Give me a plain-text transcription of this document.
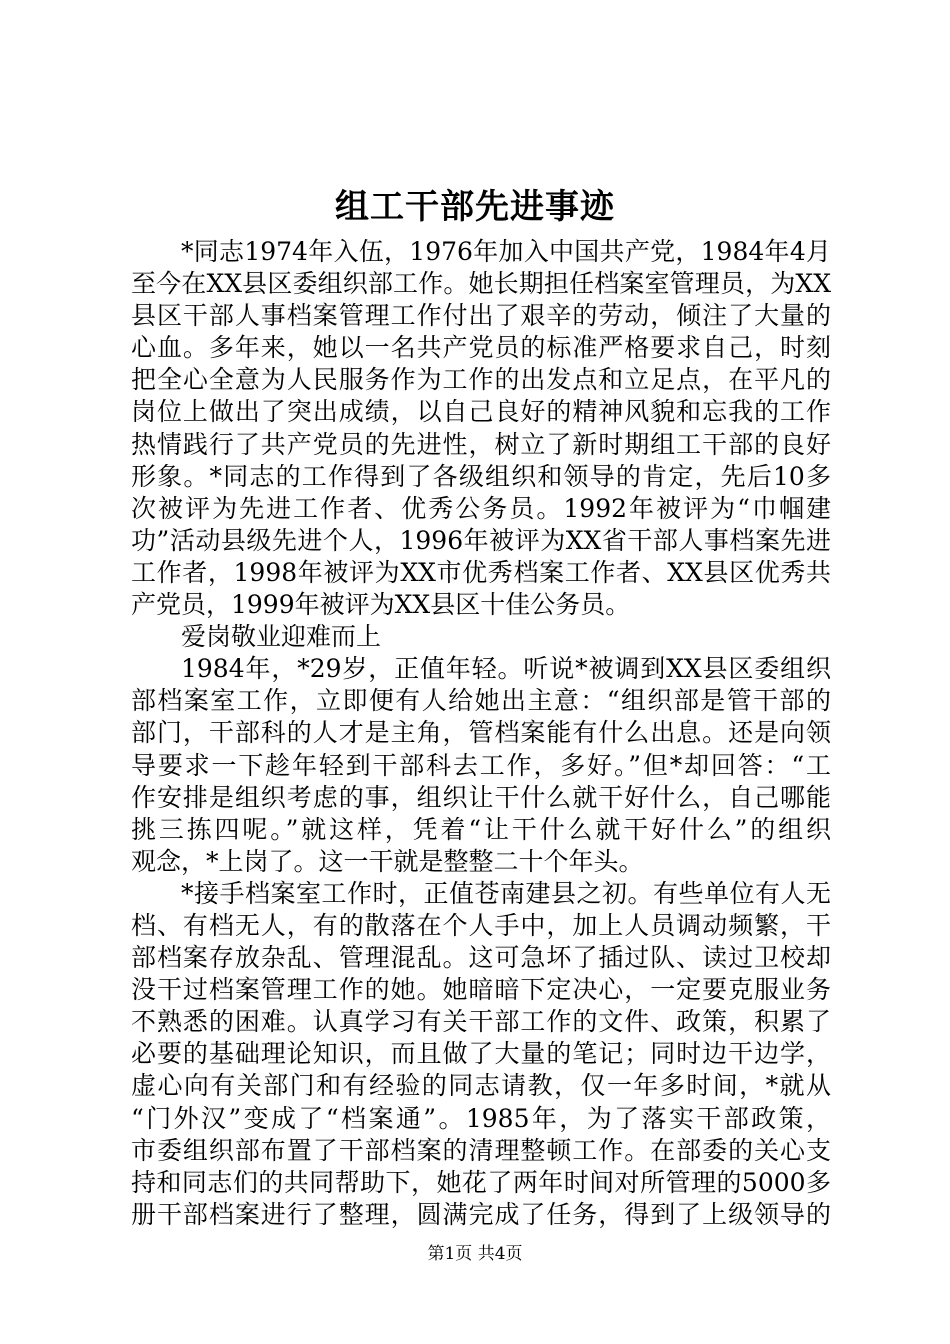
组工干部先进事迹
*同志1974年入伍，1976年加入中国共产党，1984年4月
至今在XX县区委组织部工作。她长期担任档案室管理员，为XX
县区干部人事档案管理工作付出了艰辛的劳动，倾注了大量的
心血。多年来，她以一名共产党员的标准严格要求自己，时刻
把全心全意为人民服务作为工作的出发点和立足点，在平凡的
岗位上做出了突出成绩，以自己良好的精神风貌和忘我的工作
热情践行了共产党员的先进性，树立了新时期组工干部的良好
形象。*同志的工作得到了各级组织和领导的肯定，先后10多
次被评为先进工作者、优秀公务员。1992年被评为“巾帼建
功”活动县级先进个人，1996年被评为XX省干部人事档案先进
工作者，1998年被评为XX市优秀档案工作者、XX县区优秀共
产党员，1999年被评为XX县区十佳公务员。
爱岗敬业迎难而上
1984年，*29岁，正值年轻。听说*被调到XX县区委组织
部档案室工作，立即便有人给她出主意：“组织部是管干部的
部门，干部科的人才是主角，管档案能有什么出息。还是向领
导要求一下趁年轻到干部科去工作，多好。”但*却回答：“工
作安排是组织考虑的事，组织让干什么就干好什么，自己哪能
挑三拣四呢。”就这样，凭着“让干什么就干好什么”的组织
观念，*上岗了。这一干就是整整二十个年头。
*接手档案室工作时，正值苍南建县之初。有些单位有人无
档、有档无人，有的散落在个人手中，加上人员调动频繁，干
部档案存放杂乱、管理混乱。这可急坏了插过队、读过卫校却
没干过档案管理工作的她。她暗暗下定决心，一定要克服业务
不熟悉的困难。认真学习有关干部工作的文件、政策，积累了
必要的基础理论知识，而且做了大量的笔记；同时边干边学，
虚心向有关部门和有经验的同志请教，仅一年多时间，*就从
“门外汉”变成了“档案通”。1985年，为了落实干部政策，
市委组织部布置了干部档案的清理整顿工作。在部委的关心支
持和同志们的共同帮助下，她花了两年时间对所管理的5000多
册干部档案进行了整理，圆满完成了任务，得到了上级领导的
第1页 共4页
